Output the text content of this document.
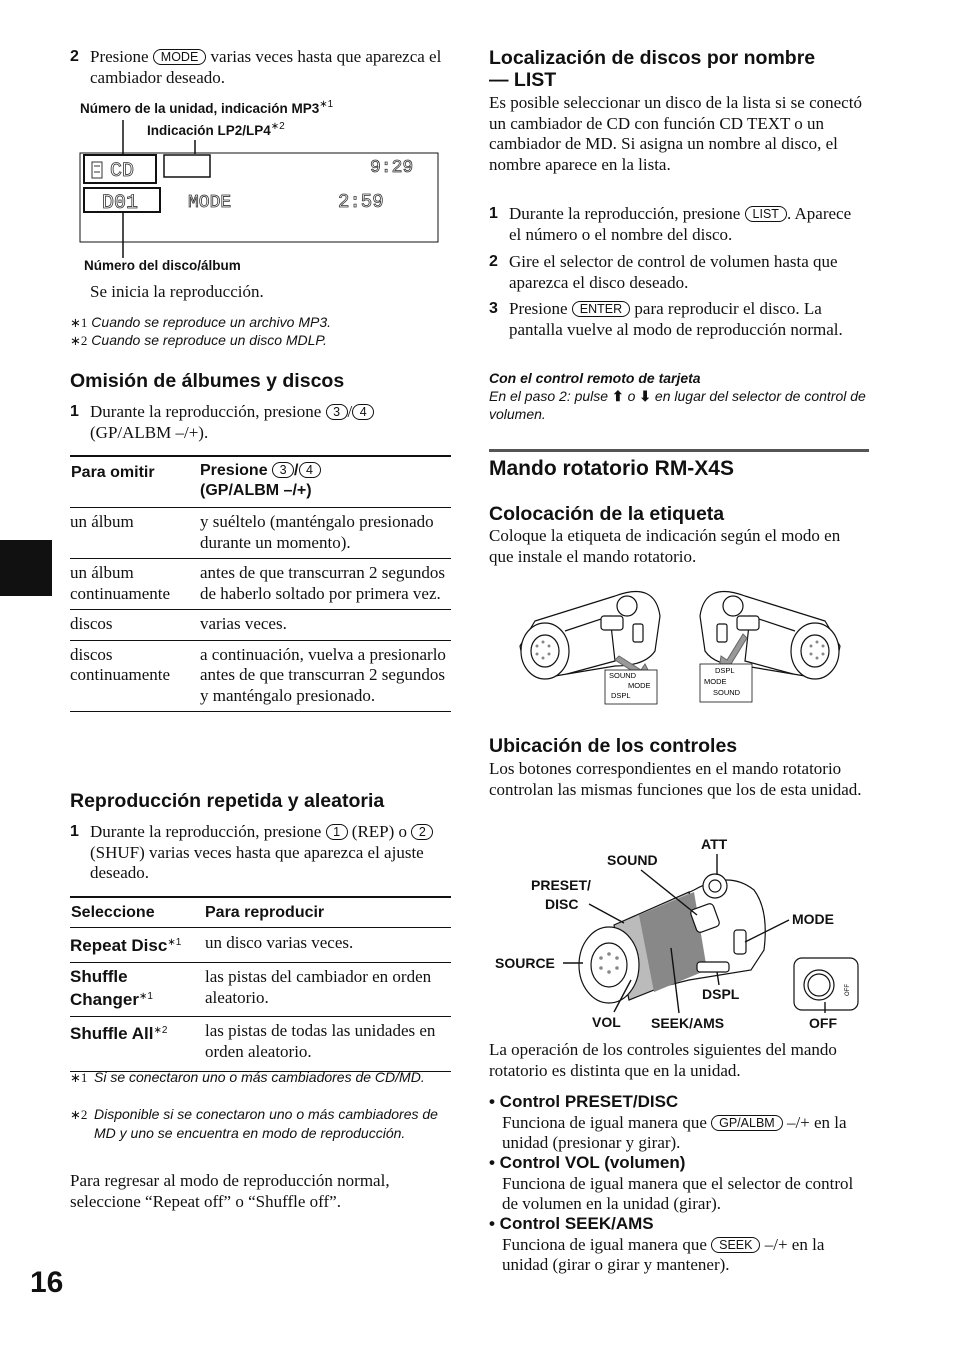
2 Presione MODE varias veces hasta que aparezca el cambiador deseado.
Número de la unidad, indicación $MP3^{∗1}$
Indicación $LP2/LP4^{∗2}$
CD	9:29
D01	MODE	2:59
Número del disco/álbum
Se inicia la reproducción.
∗1 Cuando se reproduce un archivo MP3.
∗2 Cuando se reproduce un disco MDLP.
Omisión de álbumes y discos
1 Durante la reproducción, presione 3 / 4 (GP/ALBM –/+).
Para omitir	Presione 3 / 4
(GP/ALBM –/+)
un álbum	y suéltelo (manténgalo presionado durante un momento).
un álbum continuamente	antes de que transcurran 2 segundos de haberlo soltado por primera vez.
discos	varias veces.
discos continuamente	a continuación, vuelva a presionarlo antes de que transcurran 2 segundos y manténgalo presionado.
Reproducción repetida y aleatoria
1 Durante la reproducción, presione 1 (REP) o 2 (SHUF) varias veces hasta que aparezca el ajuste deseado.
Seleccione	Para reproducir
Repeat Disc$^{∗1}$	un disco varias veces.
Shuffle Changer$^{∗1}$	las pistas del cambiador en orden aleatorio.
Shuffle All$^{∗2}$	las pistas de todas las unidades en orden aleatorio.
∗1 Si se conectaron uno o más cambiadores de CD/MD.
∗2 Disponible si se conectaron uno o más cambiadores de MD y uno se encuentra en modo de reproducción.
Para regresar al modo de reproducción normal, seleccione “Repeat off” o “Shuffle off”.
16
Localización de discos por nombre
— LIST
Es posible seleccionar un disco de la lista si se conectó un cambiador de CD con función CD TEXT o un cambiador de MD. Si asigna un nombre al disco, el nombre aparece en la lista.
1 Durante la reproducción, presione LIST . Aparece el número o el nombre del disco.
2 Gire el selector de control de volumen hasta que aparezca el disco deseado.
3 Presione ENTER para reproducir el disco. La pantalla vuelve al modo de reproducción normal.
Con el control remoto de tarjeta
En el paso 2: pulse ⬆ o ⬇ en lugar del selector de control de volumen.
Mando rotatorio RM-X4S
Colocación de la etiqueta
Coloque la etiqueta de indicación según el modo en que instale el mando rotatorio.
SOUND
MODE
DSPL
DSPL
MODE
SOUND
Ubicación de los controles
Los botones correspondientes en el mando rotatorio controlan las mismas funciones que los de esta unidad.
ATT
SOUND
PRESET/
DISC
MODE
SOURCE
DSPL
VOL SEEK/AMS	OFF
OFF
La operación de los controles siguientes del mando rotatorio es distinta que en la unidad.
• Control PRESET/DISC
Funciona de igual manera que GP/ALBM –/+ en la unidad (presionar y girar).
• Control VOL (volumen)
Funciona de igual manera que el selector de control de volumen en la unidad (girar).
• Control SEEK/AMS
Funciona de igual manera que SEEK –/+ en la unidad (girar o girar y mantener).
